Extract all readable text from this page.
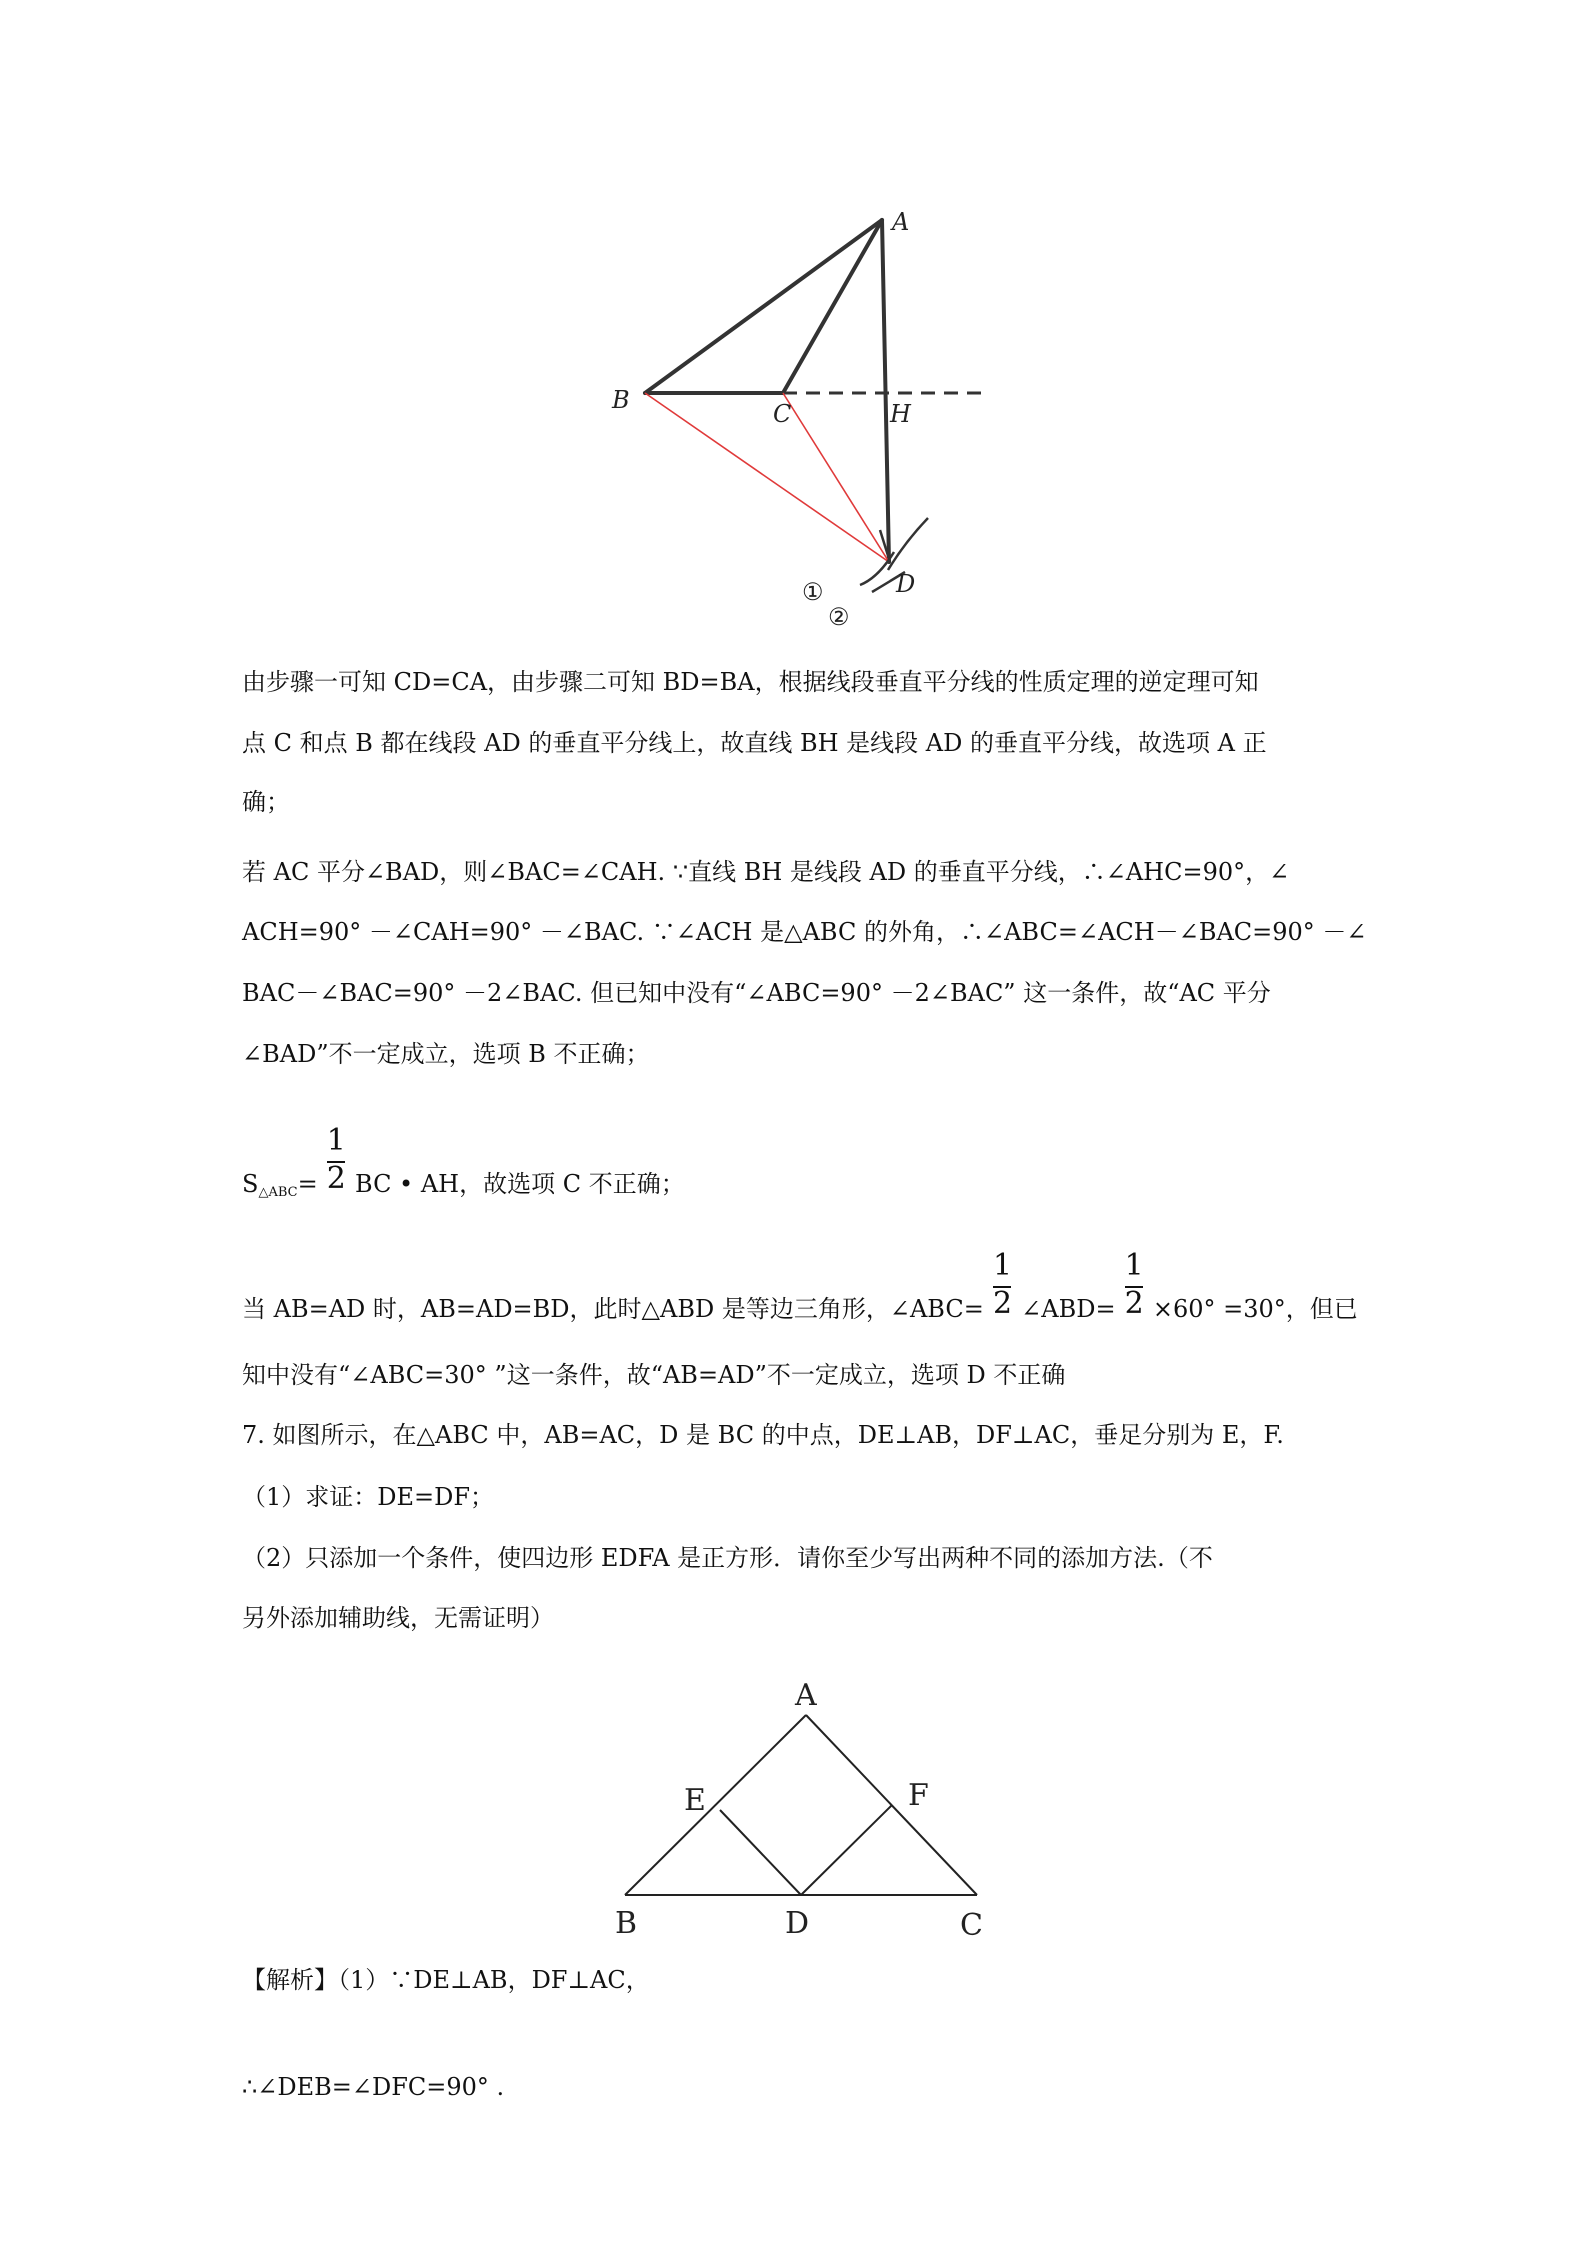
A
B	C	H
D
①
②
由步骤一可知 CD=CA，由步骤二可知 BD=BA，根据线段垂直平分线的性质定理的逆定理可知
点 C 和点 B 都在线段 AD 的垂直平分线上，故直线 BH 是线段 AD 的垂直平分线，故选项 A 正
确；
若 AC 平分∠BAD，则∠BAC=∠CAH. ∵直线 BH 是线段 AD 的垂直平分线，∴∠AHC=90°，∠
ACH=90° －∠CAH=90° －∠BAC. ∵∠ACH 是△ABC 的外角，∴∠ABC=∠ACH－∠BAC=90° －∠
BAC－∠BAC=90° －2∠BAC. 但已知中没有“∠ABC=90° －2∠BAC” 这一条件，故“AC 平分
∠BAD”不一定成立，选项 B 不正确；
$S_{\triangle ABC}= \frac{1}{2}$ BC • AH，故选项 C 不正确；
当 AB=AD 时，AB=AD=BD，此时△ABD 是等边三角形，∠ABC= $\frac{1}{2}$ ∠ABD= $\frac{1}{2} \times 60^\circ =30^\circ$，但已
知中没有“∠ABC=30° ”这一条件，故“AB=AD”不一定成立，选项 D 不正确
7. 如图所示，在△ABC 中，AB=AC，D 是 BC 的中点，DE⊥AB，DF⊥AC，垂足分别为 E，F.
（1）求证：DE=DF；
（2）只添加一个条件，使四边形 EDFA 是正方形．请你至少写出两种不同的添加方法.（不
另外添加辅助线，无需证明）
A
B	C
D
E	F
【解析】（1）∵DE⊥AB，DF⊥AC，
∴∠DEB=∠DFC=90° .
